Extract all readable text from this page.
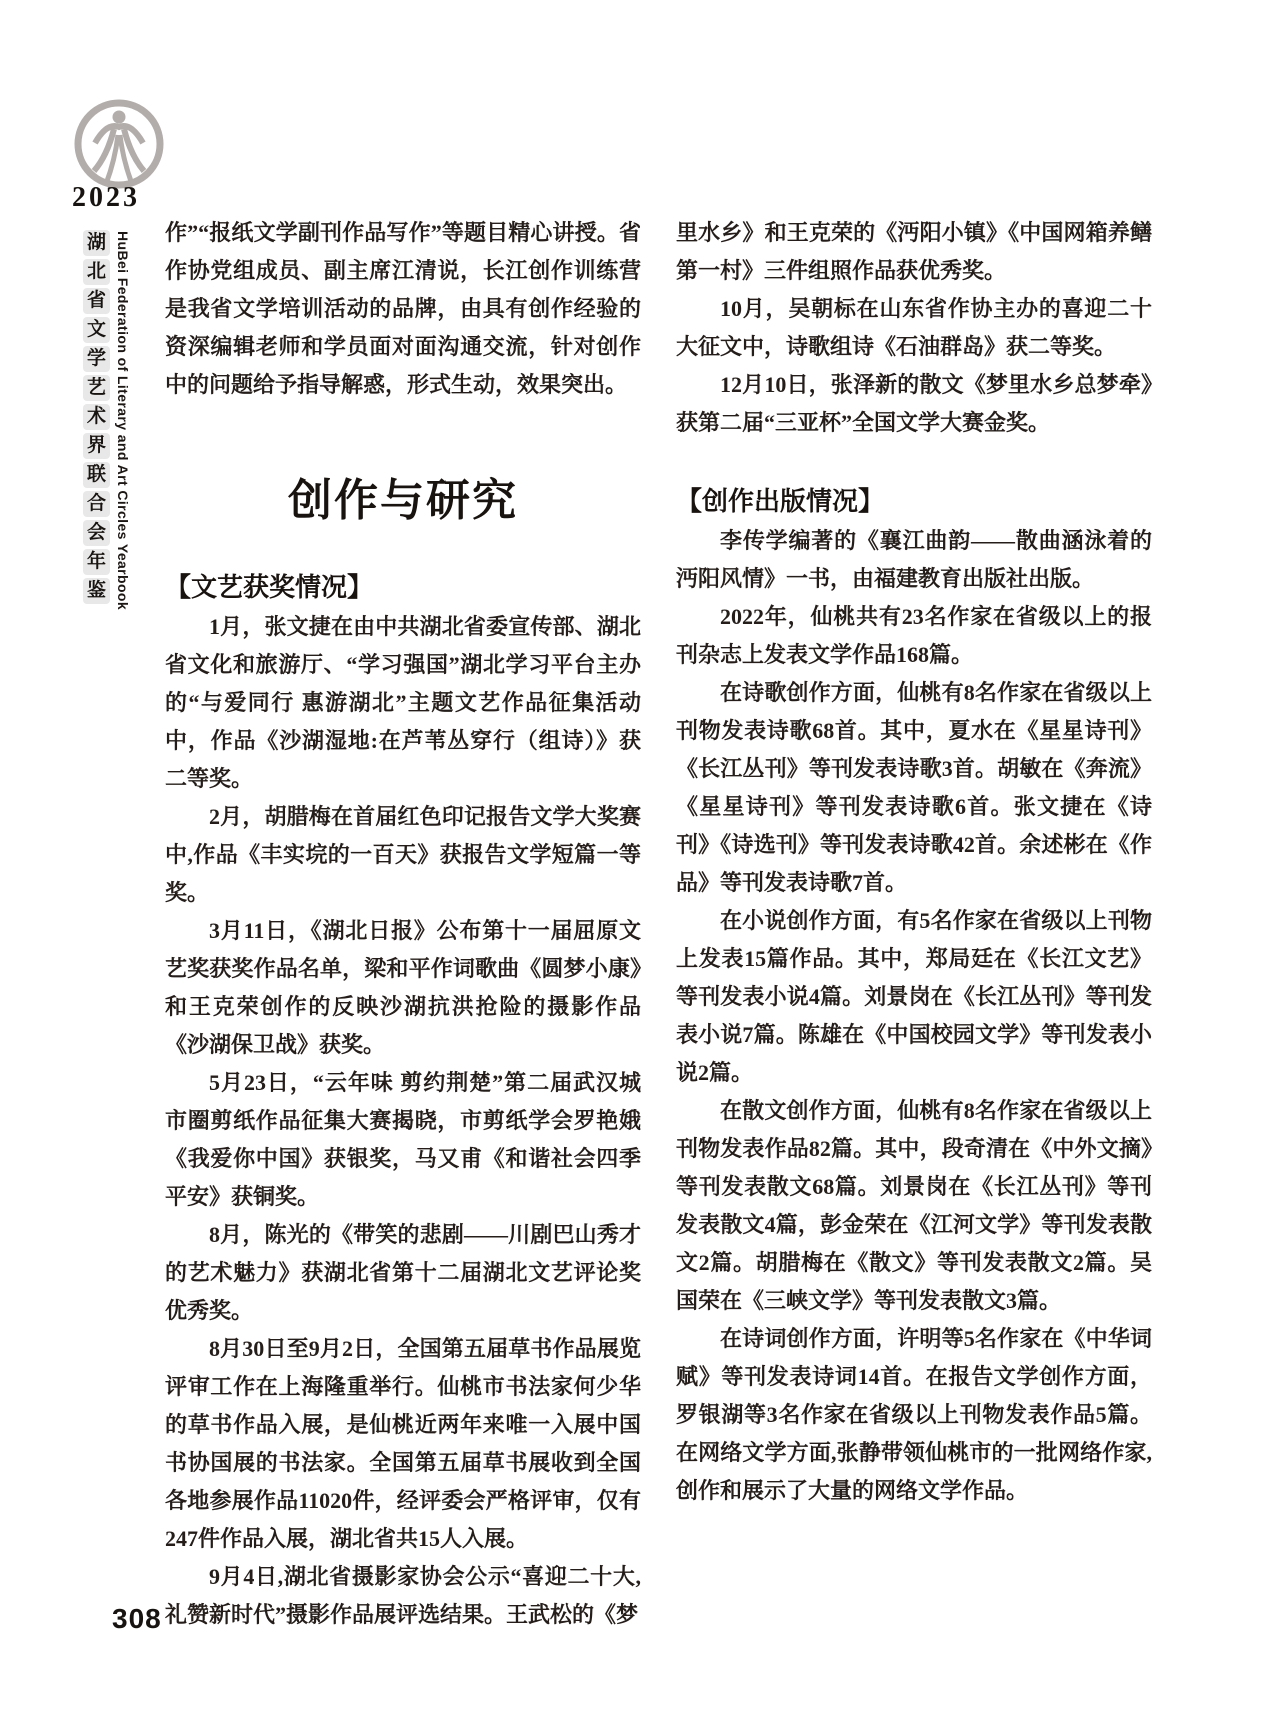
2023
湖
北
省
文
学
艺
术
界
联
合
会
年
鉴 HuBei Federation of Literary and Art Circles Yearbook 作”“报纸文学副刊作品写作”等题目精心讲授。省作协党组成员、副主席江清说，长江创作训练营是我省文学培训活动的品牌，由具有创作经验的资深编辑老师和学员面对面沟通交流，针对创作中的问题给予指导解惑，形式生动，效果突出。

创作与研究
【文艺获奖情况】

1月，张文捷在由中共湖北省委宣传部、湖北省文化和旅游厅、“学习强国”湖北学习平台主办的“与爱同行 惠游湖北”主题文艺作品征集活动中，作品《沙湖湿地:在芦苇丛穿行（组诗）》获二等奖。

2月，胡腊梅在首届红色印记报告文学大奖赛中,作品《丰实垸的一百天》获报告文学短篇一等奖。

3月11日，《湖北日报》公布第十一届屈原文艺奖获奖作品名单，梁和平作词歌曲《圆梦小康》和王克荣创作的反映沙湖抗洪抢险的摄影作品《沙湖保卫战》获奖。

5月23日，“云年味 剪约荆楚”第二届武汉城市圈剪纸作品征集大赛揭晓，市剪纸学会罗艳娥《我爱你中国》获银奖，马又甫《和谐社会四季平安》获铜奖。

8月，陈光的《带笑的悲剧——川剧巴山秀才的艺术魅力》获湖北省第十二届湖北文艺评论奖优秀奖。

8月30日至9月2日，全国第五届草书作品展览评审工作在上海隆重举行。仙桃市书法家何少华的草书作品入展，是仙桃近两年来唯一入展中国书协国展的书法家。全国第五届草书展收到全国各地参展作品11020件，经评委会严格评审，仅有247件作品入展，湖北省共15人入展。

9月4日,湖北省摄影家协会公示“喜迎二十大,礼赞新时代”摄影作品展评选结果。王武松的《梦

里水乡》和王克荣的《沔阳小镇》《中国网箱养鳝第一村》三件组照作品获优秀奖。

10月，吴朝标在山东省作协主办的喜迎二十大征文中，诗歌组诗《石油群岛》获二等奖。

12月10日，张泽新的散文《梦里水乡总梦牵》获第二届“三亚杯”全国文学大赛金奖。

【创作出版情况】

李传学编著的《襄江曲韵——散曲涵泳着的沔阳风情》一书，由福建教育出版社出版。

2022年，仙桃共有23名作家在省级以上的报刊杂志上发表文学作品168篇。

在诗歌创作方面，仙桃有8名作家在省级以上刊物发表诗歌68首。其中，夏水在《星星诗刊》《长江丛刊》等刊发表诗歌3首。胡敏在《奔流》《星星诗刊》等刊发表诗歌6首。张文捷在《诗刊》《诗选刊》等刊发表诗歌42首。余述彬在《作品》等刊发表诗歌7首。

在小说创作方面，有5名作家在省级以上刊物上发表15篇作品。其中，郑局廷在《长江文艺》等刊发表小说4篇。刘景岗在《长江丛刊》等刊发表小说7篇。陈雄在《中国校园文学》等刊发表小说2篇。

在散文创作方面，仙桃有8名作家在省级以上刊物发表作品82篇。其中，段奇清在《中外文摘》等刊发表散文68篇。刘景岗在《长江丛刊》等刊发表散文4篇，彭金荣在《江河文学》等刊发表散文2篇。胡腊梅在《散文》等刊发表散文2篇。吴国荣在《三峡文学》等刊发表散文3篇。

在诗词创作方面，许明等5名作家在《中华词赋》等刊发表诗词14首。在报告文学创作方面，罗银湖等3名作家在省级以上刊物发表作品5篇。在网络文学方面,张静带领仙桃市的一批网络作家,创作和展示了大量的网络文学作品。

308
